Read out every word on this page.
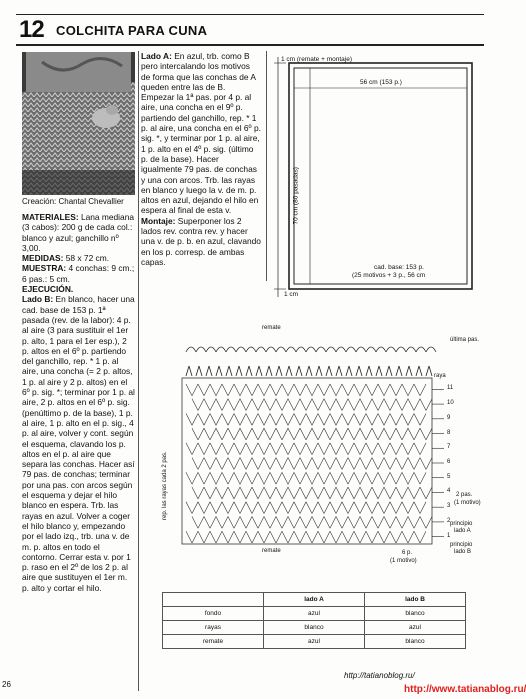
12 COLCHITA PARA CUNA
Creación: Chantal Chevallier
MATERIALES: Lana mediana (3 cabos): 200 g de cada col.: blanco y azul; ganchillo nº 3,00.
MEDIDAS: 58 x 72 cm.
MUESTRA: 4 conchas: 9 cm.; 6 pas.: 5 cm.
EJECUCIÓN.
Lado B: En blanco, hacer una cad. base de 153 p. 1ª pasada (rev. de la labor): 4 p. al aire (3 para sustituir el 1er p. alto, 1 para el 1er esp.), 2 p. altos en el 6º p. partiendo del ganchillo, rep. * 1 p. al aire, una concha (= 2 p. altos, 1 p. al aire y 2 p. altos) en el 6º p. sig. *; terminar por 1 p. al aire, 2 p. altos en el 6º p. sig. (penúltimo p. de la base), 1 p. al aire, 1 p. alto en el p. sig., 4 p. al aire, volver y cont. según el esquema, clavando los p. altos en el p. al aire que separa las conchas. Hacer así 79 pas. de conchas; terminar por una pas. con arcos según el esquema y dejar el hilo blanco en espera. Trb. las rayas en azul. Volver a coger el hilo blanco y, empezando por el lado izq., trb. una v. de m. p. altos en todo el contorno. Cerrar esta v. por 1 p. raso en el 2º de los 2 p. al aire que sustituyen el 1er m. p. alto y cortar el hilo.
Lado A: En azul, trb. como B pero intercalando los motivos de forma que las conchas de A queden entre las de B. Empezar la 1ª pas. por 4 p. al aire, una concha en el 9º p. partiendo del ganchillo, rep. * 1 p. al aire, una concha en el 6º p. sig. *, y terminar por 1 p. al aire, 1 p. alto en el 4º p. sig. (último p. de la base). Hacer igualmente 79 pas. de conchas y una con arcos. Trb. las rayas en blanco y luego la v. de m. p. altos en azul, dejando el hilo en espera al final de esta v. Montaje: Superponer los 2 lados rev. contra rev. y hacer una v. de p. b. en azul, clavando en los p. corresp. de ambas capas.
1 cm (remate + montaje)
56 cm (153 p.)
70 cm (80 pasadas)
cad. base: 153 p.
(25 motivos + 3 p., 56 cm
1 cm
remate
última pas.
raya
rep. las rayas cada 2 pas.
11
10
9
8
7
6
5
4
3
2
1
2 pas.
(1 motivo)
principio
lado A
principio
lado B
remate	6 p.
(1 motivo)
	lado A	lado B
fondo	azul	blanco
rayas	blanco	azul
remate	azul	blanco
http://tatianoblog.ru/
http://www.tatianablog.ru/
26
